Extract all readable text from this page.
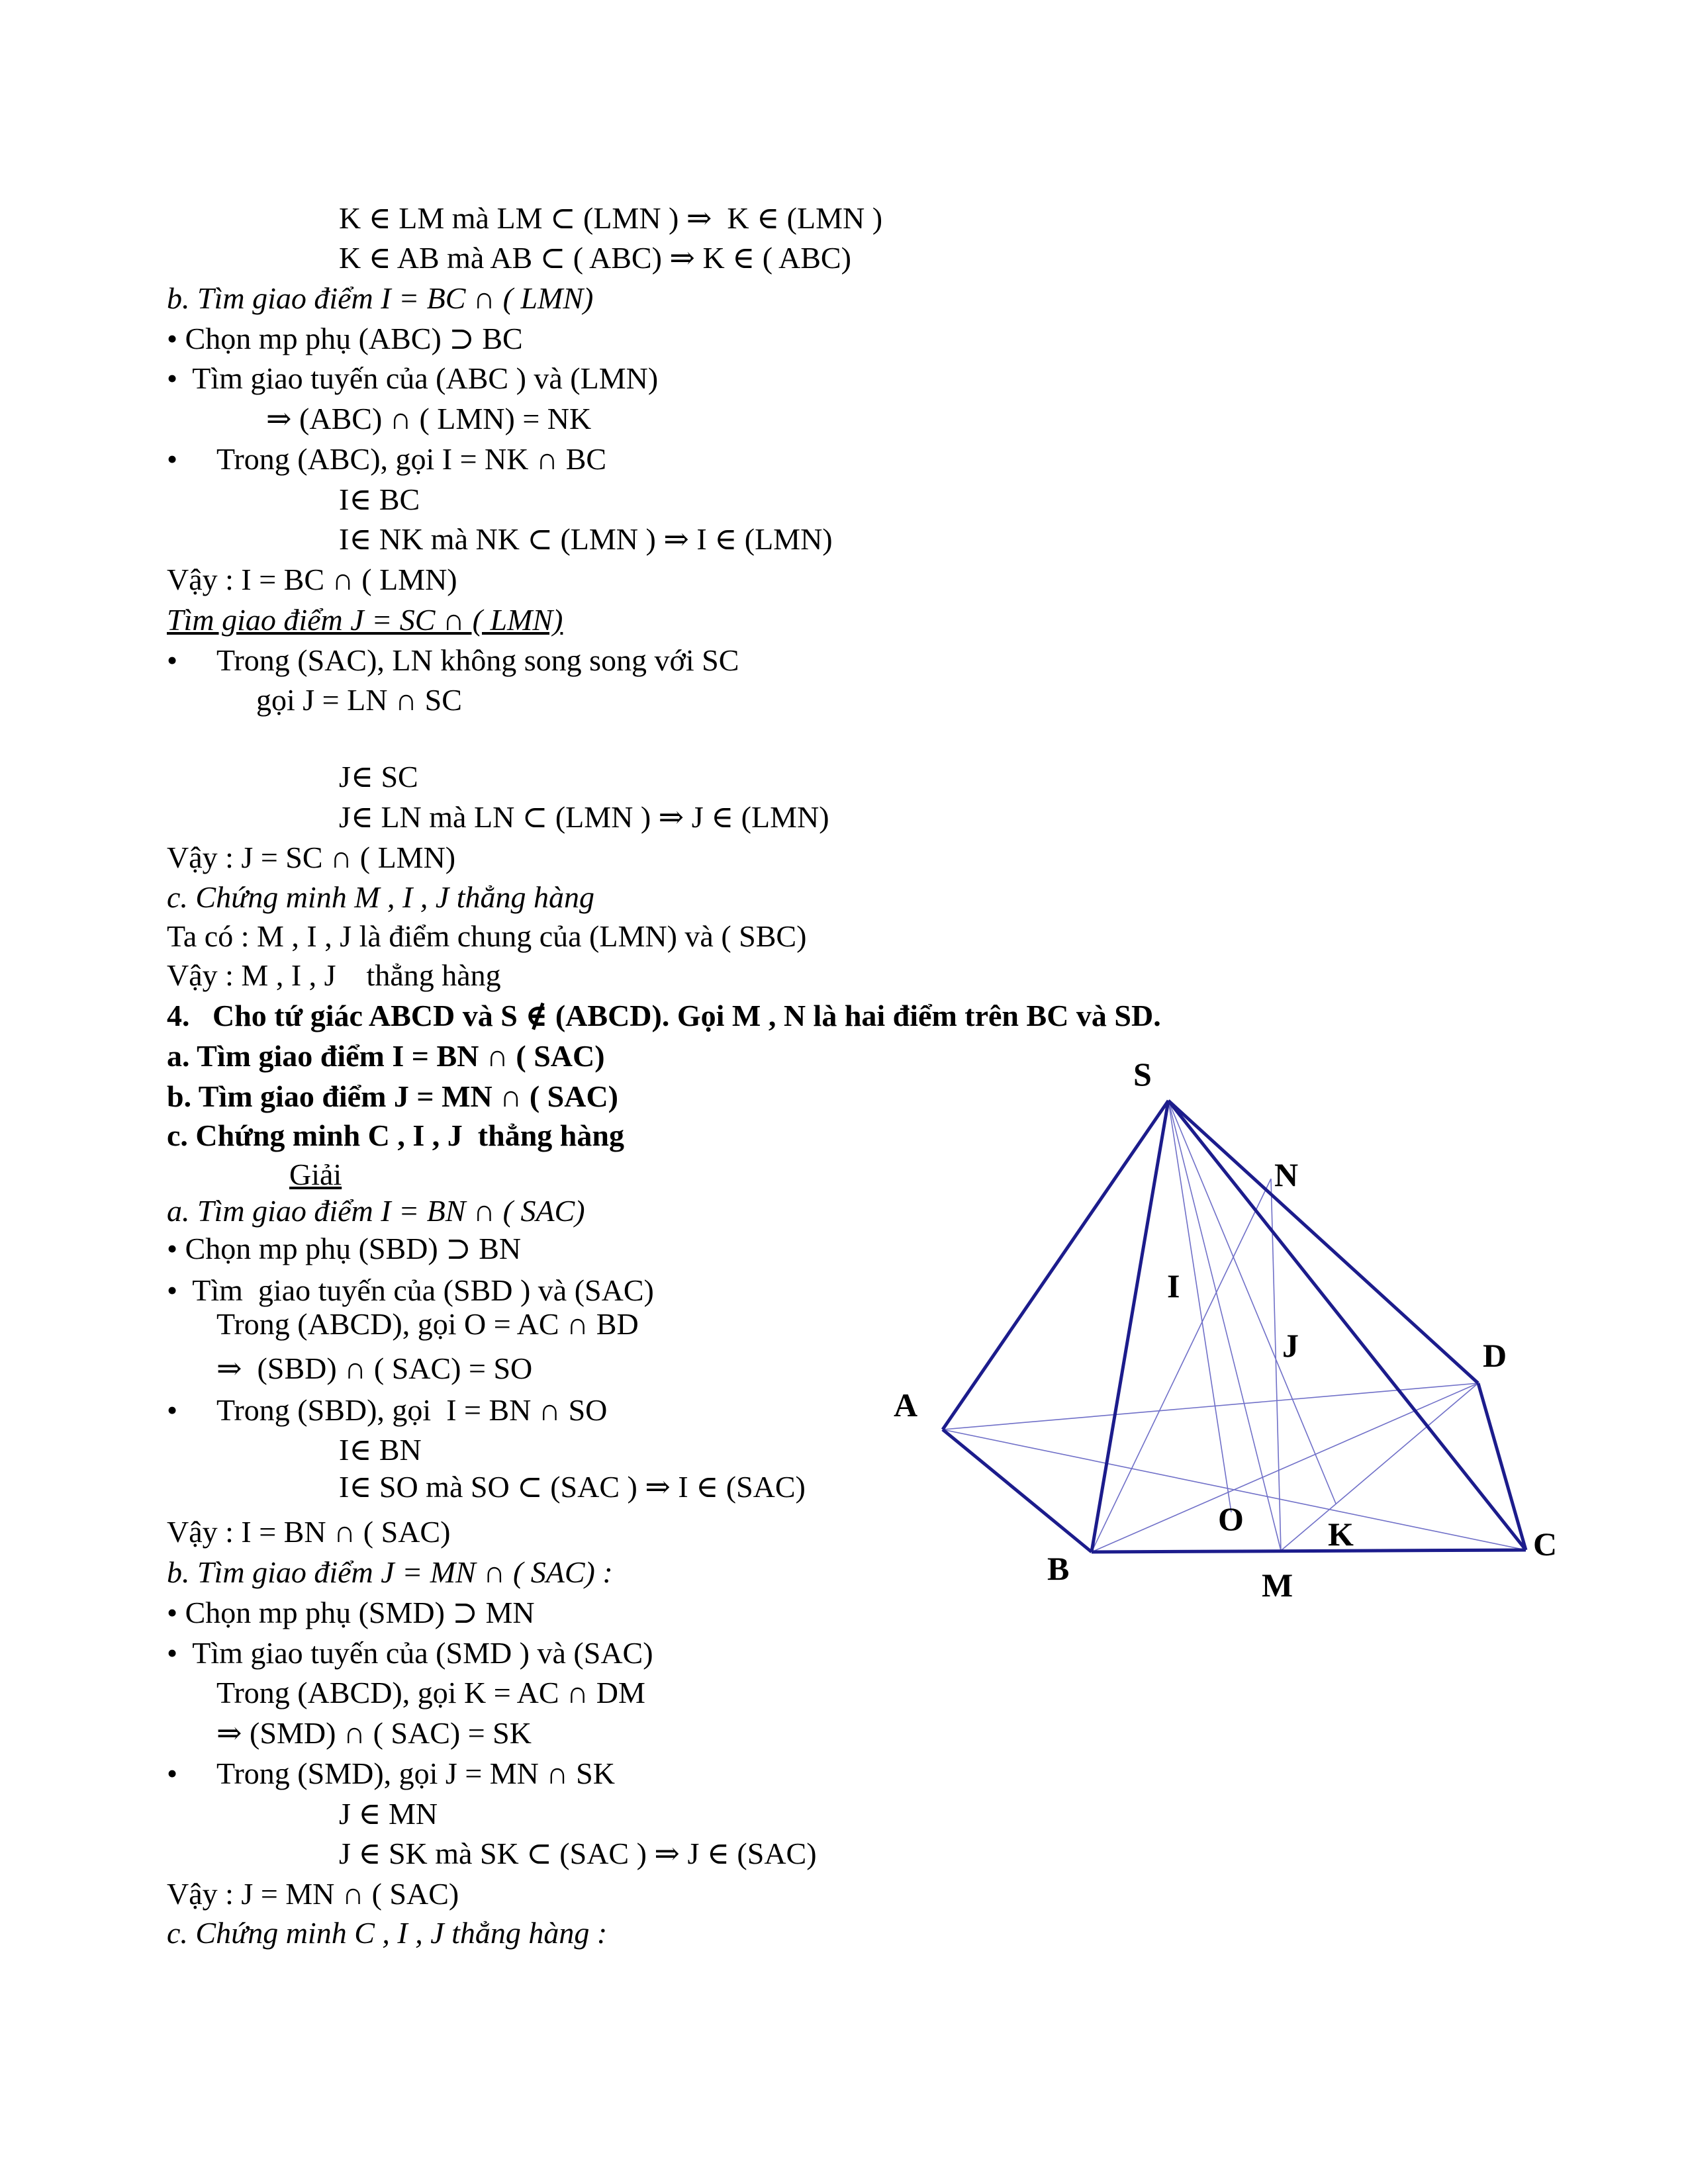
K ∈ LM mà LM ⊂ (LMN ) ⇒  K ∈ (LMN )
K ∈ AB mà AB ⊂ ( ABC) ⇒ K ∈ ( ABC)
b. Tìm giao điểm I = BC ∩ ( LMN)
• Chọn mp phụ (ABC) ⊃ BC
•  Tìm giao tuyến của (ABC ) và (LMN)
⇒ (ABC) ∩ ( LMN) = NK
• Trong (ABC), gọi I = NK ∩ BC
I∈ BC
I∈ NK mà NK ⊂ (LMN ) ⇒ I ∈ (LMN)
Vậy : I = BC ∩ ( LMN)
Tìm giao điểm J = SC ∩ ( LMN)
• Trong (SAC), LN không song song với SC
gọi J = LN ∩ SC
J∈ SC
J∈ LN mà LN ⊂ (LMN ) ⇒ J ∈ (LMN)
Vậy : J = SC ∩ ( LMN)
c. Chứng minh M , I , J thẳng hàng
Ta có : M , I , J là điểm chung của (LMN) và ( SBC)
Vậy : M , I , J    thẳng hàng
4.   Cho tứ giác ABCD và S ∉ (ABCD). Gọi M , N là hai điểm trên BC và SD.
a. Tìm giao điểm I = BN ∩ ( SAC)
b. Tìm giao điểm J = MN ∩ ( SAC)
c. Chứng minh C , I , J  thẳng hàng
Giải
a. Tìm giao điểm I = BN ∩ ( SAC)
• Chọn mp phụ (SBD) ⊃ BN
•  Tìm  giao tuyến của (SBD ) và (SAC)
Trong (ABCD), gọi O = AC ∩ BD
⇒  (SBD) ∩ ( SAC) = SO
• Trong (SBD), gọi  I = BN ∩ SO
I∈ BN
I∈ SO mà SO ⊂ (SAC ) ⇒ I ∈ (SAC)
Vậy : I = BN ∩ ( SAC)
b. Tìm giao điểm J = MN ∩ ( SAC) :
• Chọn mp phụ (SMD) ⊃ MN
•  Tìm giao tuyến của (SMD ) và (SAC)
Trong (ABCD), gọi K = AC ∩ DM
⇒ (SMD) ∩ ( SAC) = SK
• Trong (SMD), gọi J = MN ∩ SK
J ∈ MN
J ∈ SK mà SK ⊂ (SAC ) ⇒ J ∈ (SAC)
Vậy : J = MN ∩ ( SAC)
c. Chứng minh C , I , J thẳng hàng :
S
N
I
J	D
A
O	K	C
B	M
